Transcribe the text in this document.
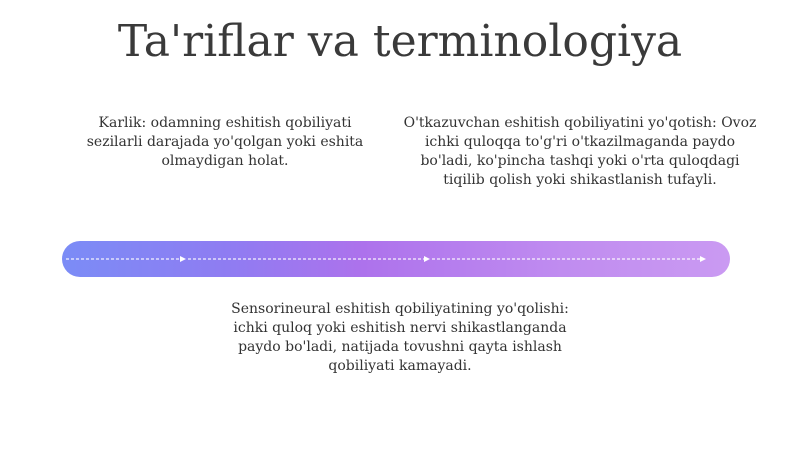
Ta'riflar va terminologiya
Karlik: odamning eshitish qobiliyati sezilarli darajada yo'qolgan yoki eshita olmaydigan holat.
O'tkazuvchan eshitish qobiliyatini yo'qotish: Ovoz ichki quloqqa to'g'ri o'tkazilmaganda paydo bo'ladi, ko'pincha tashqi yoki o'rta quloqdagi tiqilib qolish yoki shikastlanish tufayli.
Sensorineural eshitish qobiliyatining yo'qolishi: ichki quloq yoki eshitish nervi shikastlanganda paydo bo'ladi, natijada tovushni qayta ishlash qobiliyati kamayadi.
